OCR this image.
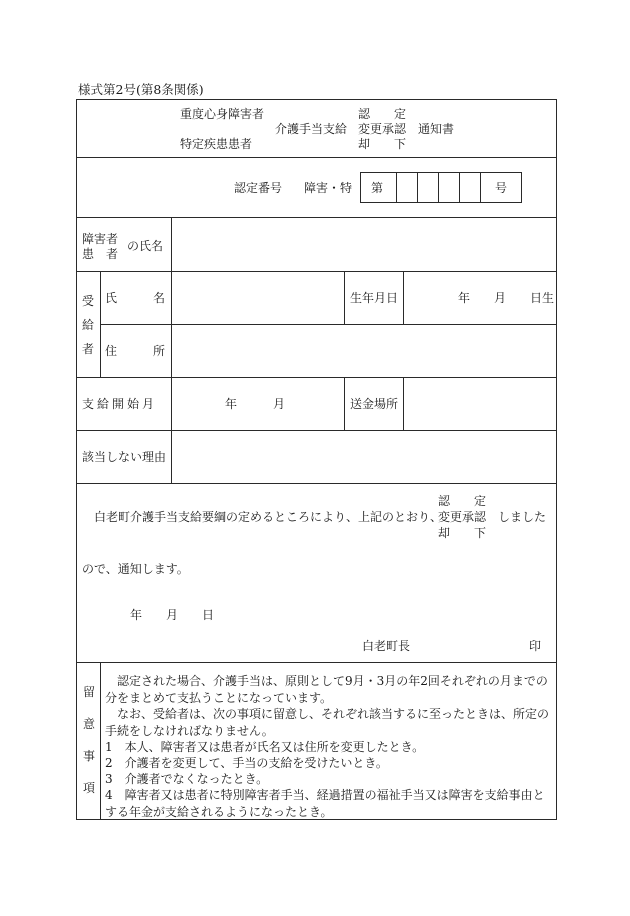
様式第2号(第8条関係)
重度心身障害者
特定疾患患者
介護手当支給
認　　定
変更承認
却　　下
通知書
認定番号 障害・特 第	号
障害者
患　者
の氏名
受
給
者
氏　　　名	生年月日	年　　月　　日生
住　　　所
支給開始月	年　　　月	送金場所
該当しない理由
認　　定
白老町介護手当支給要綱の定めるところにより、上記のとおり、
変更承認 しました
却　　下
ので、通知します。
年　　月　　日
白老町長	印
留
意
事
項
認定された場合、介護手当は、原則として9月・3月の年2回それぞれの月までの分をまとめて支払うことになっています。
なお、受給者は、次の事項に留意し、それぞれ該当するに至ったときは、所定の手続をしなければなりません。
1　本人、障害者又は患者が氏名又は住所を変更したとき。
2　介護者を変更して、手当の支給を受けたいとき。
3　介護者でなくなったとき。
4　障害者又は患者に特別障害者手当、経過措置の福祉手当又は障害を支給事由とする年金が支給されるようになったとき。
